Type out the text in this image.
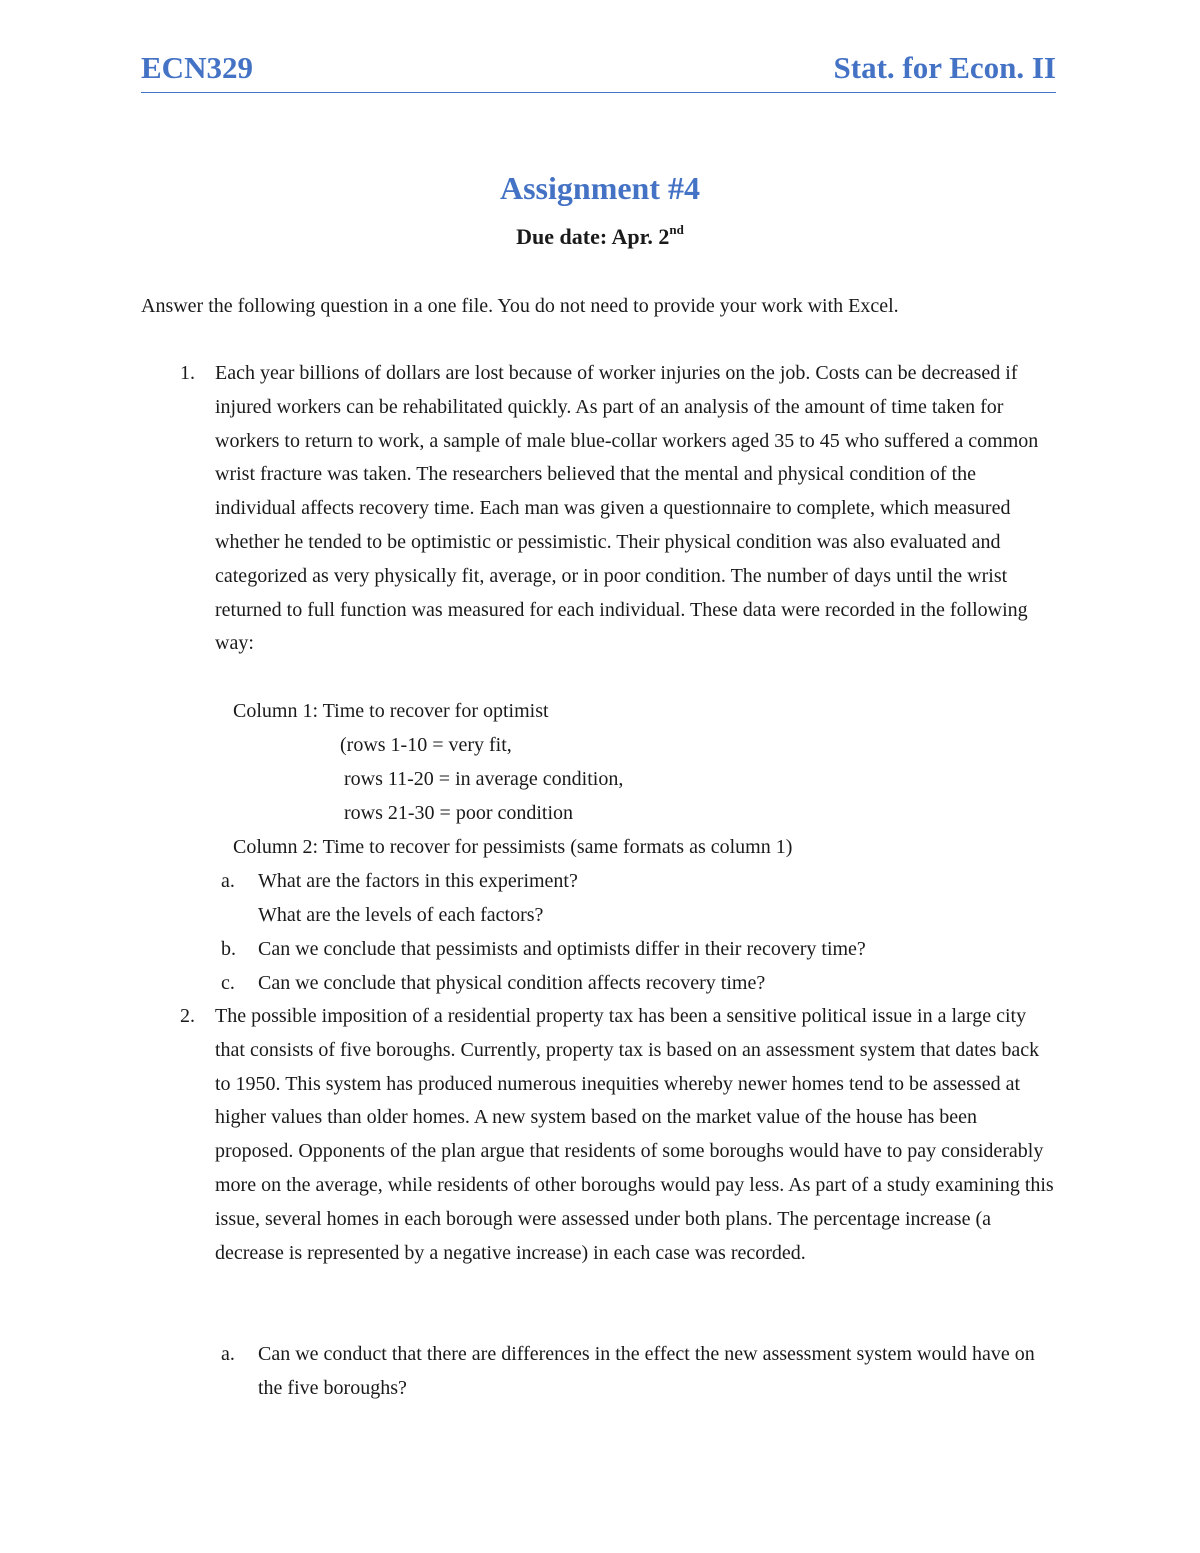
ECN329	Stat. for Econ. II
Assignment #4
Due date: Apr. 2nd
Answer the following question in a one file. You do not need to provide your work with Excel.
1. Each year billions of dollars are lost because of worker injuries on the job. Costs can be decreased if injured workers can be rehabilitated quickly. As part of an analysis of the amount of time taken for workers to return to work, a sample of male blue-collar workers aged 35 to 45 who suffered a common wrist fracture was taken. The researchers believed that the mental and physical condition of the individual affects recovery time. Each man was given a questionnaire to complete, which measured whether he tended to be optimistic or pessimistic. Their physical condition was also evaluated and categorized as very physically fit, average, or in poor condition. The number of days until the wrist returned to full function was measured for each individual. These data were recorded in the following way:
Column 1: Time to recover for optimist
(rows 1-10 = very fit,
rows 11-20 = in average condition,
rows 21-30 = poor condition
Column 2: Time to recover for pessimists (same formats as column 1)
a. What are the factors in this experiment?
What are the levels of each factors?
b. Can we conclude that pessimists and optimists differ in their recovery time?
c. Can we conclude that physical condition affects recovery time?
2. The possible imposition of a residential property tax has been a sensitive political issue in a large city that consists of five boroughs. Currently, property tax is based on an assessment system that dates back to 1950. This system has produced numerous inequities whereby newer homes tend to be assessed at higher values than older homes. A new system based on the market value of the house has been proposed. Opponents of the plan argue that residents of some boroughs would have to pay considerably more on the average, while residents of other boroughs would pay less. As part of a study examining this issue, several homes in each borough were assessed under both plans. The percentage increase (a decrease is represented by a negative increase) in each case was recorded.
a. Can we conduct that there are differences in the effect the new assessment system would have on the five boroughs?
